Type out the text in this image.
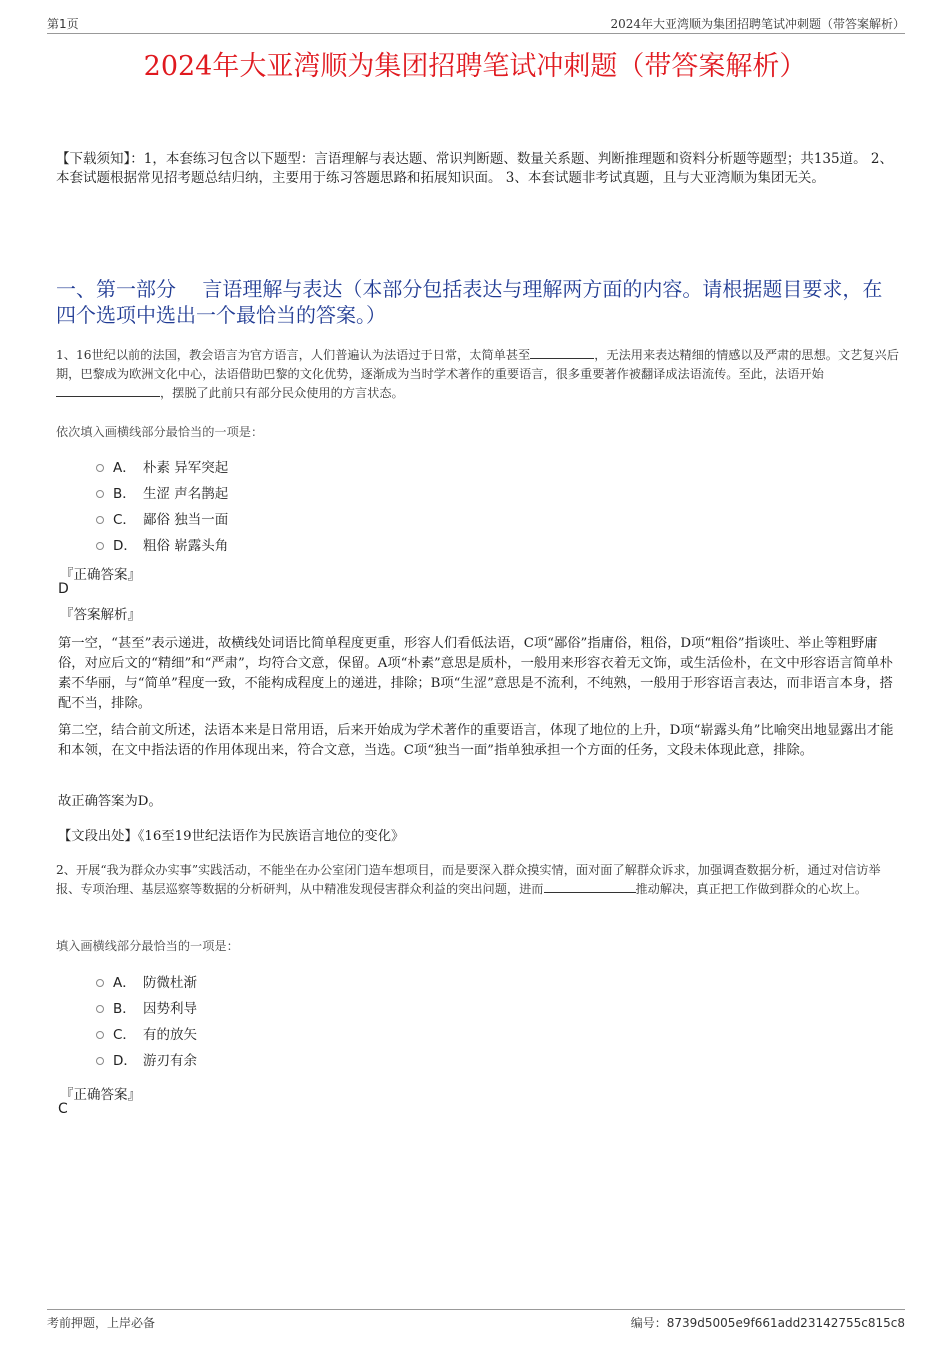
第1页	2024年大亚湾顺为集团招聘笔试冲刺题（带答案解析）
2024年大亚湾顺为集团招聘笔试冲刺题（带答案解析）
【下载须知】：1，本套练习包含以下题型：言语理解与表达题、常识判断题、数量关系题、判断推理题和资料分析题等题型；共135道。 2、本套试题根据常见招考题总结归纳，主要用于练习答题思路和拓展知识面。 3、本套试题非考试真题，且与大亚湾顺为集团无关。
一、第一部分　 言语理解与表达（本部分包括表达与理解两方面的内容。请根据题目要求，在四个选项中选出一个最恰当的答案。）
1、16世纪以前的法国，教会语言为官方语言，人们普遍认为法语过于日常，太简单甚至	，无法用来表达精细的情感以及严肃的思想。文艺复兴后期，巴黎成为欧洲文化中心，法语借助巴黎的文化优势，逐渐成为当时学术著作的重要语言，很多重要著作被翻译成法语流传。至此，法语开始，摆脱了此前只有部分民众使用的方言状态。
依次填入画横线部分最恰当的一项是：
A． 朴素 异军突起
B． 生涩 声名鹊起
C． 鄙俗 独当一面
D． 粗俗 崭露头角
『正确答案』
D
『答案解析』
第一空，“甚至”表示递进，故横线处词语比简单程度更重，形容人们看低法语，C项“鄙俗”指庸俗，粗俗，D项“粗俗”指谈吐、举止等粗野庸俗，对应后文的“精细”和“严肃”，均符合文意，保留。A项“朴素”意思是质朴，一般用来形容衣着无文饰，或生活俭朴，在文中形容语言简单朴素不华丽，与“简单”程度一致，不能构成程度上的递进，排除；B项“生涩”意思是不流利，不纯熟，一般用于形容语言表达，而非语言本身，搭配不当，排除。
第二空，结合前文所述，法语本来是日常用语，后来开始成为学术著作的重要语言，体现了地位的上升，D项“崭露头角”比喻突出地显露出才能和本领，在文中指法语的作用体现出来，符合文意，当选。C项“独当一面”指单独承担一个方面的任务，文段未体现此意，排除。
故正确答案为D。
【文段出处】《16至19世纪法语作为民族语言地位的变化》
2、开展“我为群众办实事”实践活动，不能坐在办公室闭门造车想项目，而是要深入群众摸实情，面对面了解群众诉求，加强调查数据分析，通过对信访举报、专项治理、基层巡察等数据的分析研判，从中精准发现侵害群众利益的突出问题，进而	推动解决，真正把工作做到群众的心坎上。
填入画横线部分最恰当的一项是：
A． 防微杜渐
B． 因势利导
C． 有的放矢
D． 游刃有余
『正确答案』
C
考前押题，上岸必备	编号：8739d5005e9f661add23142755c815c8
